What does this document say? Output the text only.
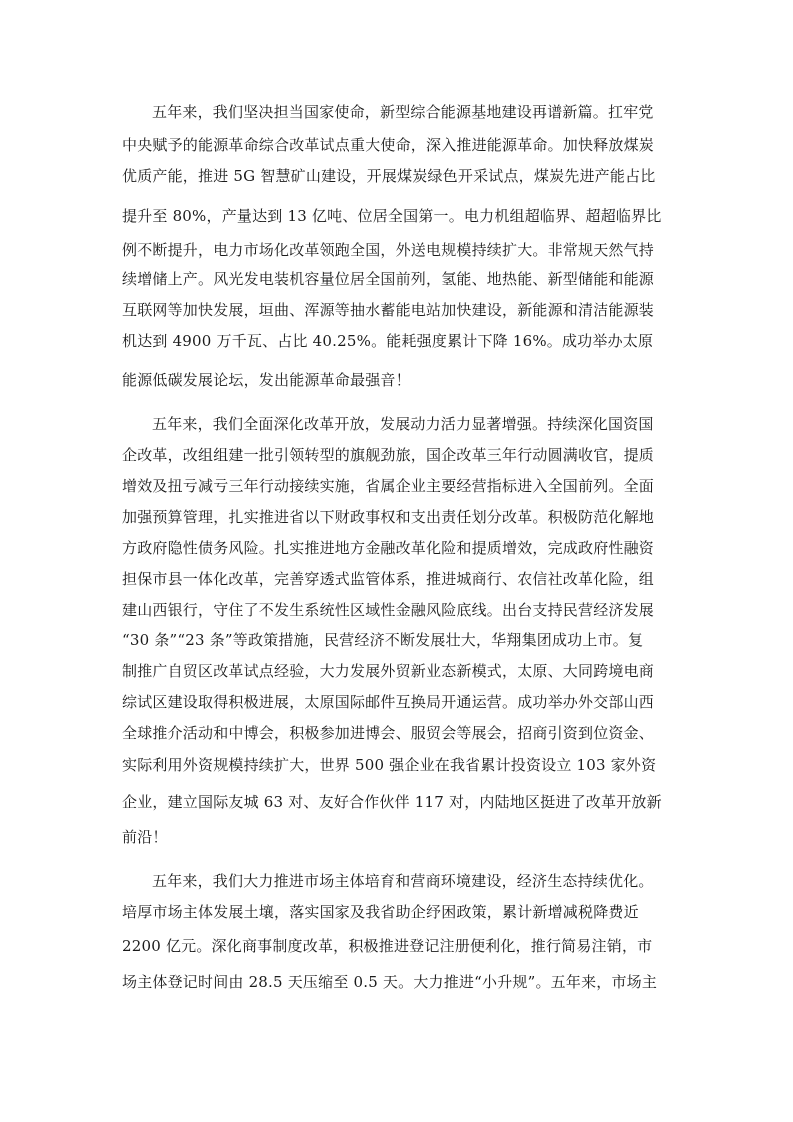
五年来，我们坚决担当国家使命，新型综合能源基地建设再谱新篇。扛牢党
中央赋予的能源革命综合改革试点重大使命，深入推进能源革命。加快释放煤炭
优质产能，推进 5G 智慧矿山建设，开展煤炭绿色开采试点，煤炭先进产能占比
提升至 80%，产量达到 13 亿吨、位居全国第一。电力机组超临界、超超临界比
例不断提升，电力市场化改革领跑全国，外送电规模持续扩大。非常规天然气持
续增储上产。风光发电装机容量位居全国前列，氢能、地热能、新型储能和能源
互联网等加快发展，垣曲、浑源等抽水蓄能电站加快建设，新能源和清洁能源装
机达到 4900 万千瓦、占比 40.25%。能耗强度累计下降 16%。成功举办太原
能源低碳发展论坛，发出能源革命最强音！
五年来，我们全面深化改革开放，发展动力活力显著增强。持续深化国资国
企改革，改组组建一批引领转型的旗舰劲旅，国企改革三年行动圆满收官，提质
增效及扭亏减亏三年行动接续实施，省属企业主要经营指标进入全国前列。全面
加强预算管理，扎实推进省以下财政事权和支出责任划分改革。积极防范化解地
方政府隐性债务风险。扎实推进地方金融改革化险和提质增效，完成政府性融资
担保市县一体化改革，完善穿透式监管体系，推进城商行、农信社改革化险，组
建山西银行，守住了不发生系统性区域性金融风险底线。出台支持民营经济发展
“30 条”“23 条”等政策措施，民营经济不断发展壮大，华翔集团成功上市。复
制推广自贸区改革试点经验，大力发展外贸新业态新模式，太原、大同跨境电商
综试区建设取得积极进展，太原国际邮件互换局开通运营。成功举办外交部山西
全球推介活动和中博会，积极参加进博会、服贸会等展会，招商引资到位资金、
实际利用外资规模持续扩大，世界 500 强企业在我省累计投资设立 103 家外资
企业，建立国际友城 63 对、友好合作伙伴 117 对，内陆地区挺进了改革开放新
前沿！
五年来，我们大力推进市场主体培育和营商环境建设，经济生态持续优化。
培厚市场主体发展土壤，落实国家及我省助企纾困政策，累计新增减税降费近
2200 亿元。深化商事制度改革，积极推进登记注册便利化，推行简易注销，市
场主体登记时间由 28.5 天压缩至 0.5 天。大力推进“小升规”。五年来，市场主
